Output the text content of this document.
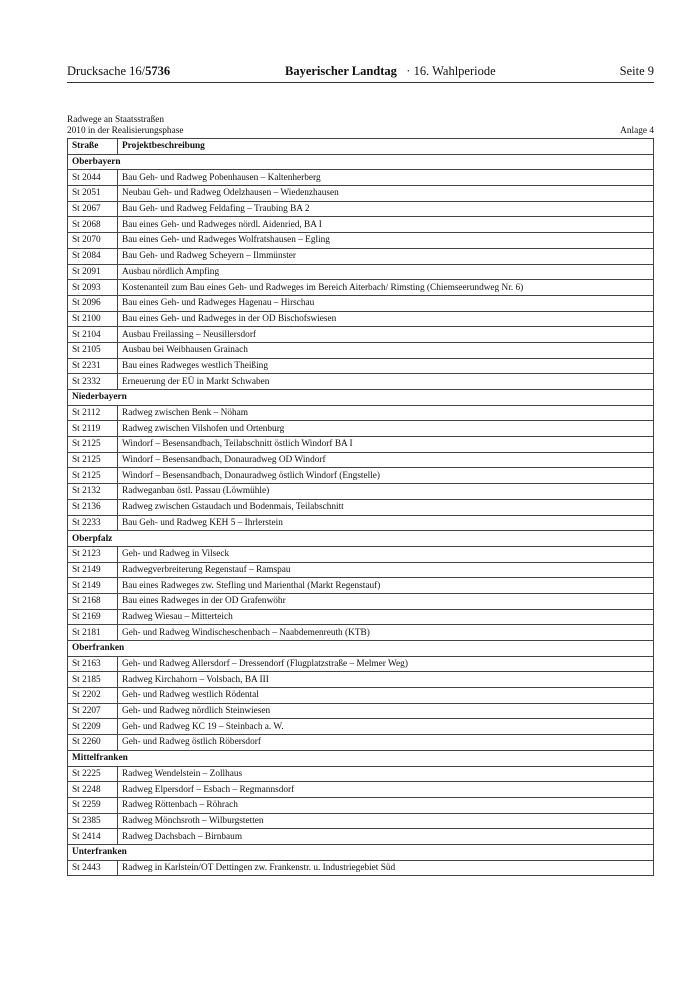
Drucksache 16/5736	Bayerischer Landtag · 16. Wahlperiode	Seite 9
Radwege an Staatsstraßen
2010 in der Realisierungsphase	Anlage 4
Straße	Projektbeschreibung
Oberbayern	
St 2044	Bau Geh- und Radweg Pobenhausen – Kaltenherberg
St 2051	Neubau Geh- und Radweg Odelzhausen – Wiedenzhausen
St 2067	Bau Geh- und Radweg Feldafing – Traubing BA 2
St 2068	Bau eines Geh- und Radweges nördl. Aidenried, BA I
St 2070	Bau eines Geh- und Radweges Wolfratshausen – Egling
St 2084	Bau Geh- und Radweg Scheyern – Ilmmünster
St 2091	Ausbau nördlich Ampfing
St 2093	Kostenanteil zum Bau eines Geh- und Radweges im Bereich Aiterbach/ Rimsting (Chiemseerundweg Nr. 6)
St 2096	Bau eines Geh- und Radweges Hagenau – Hirschau
St 2100	Bau eines Geh- und Radweges in der OD Bischofswiesen
St 2104	Ausbau Freilassing – Neusillersdorf
St 2105	Ausbau bei Weibhausen Grainach
St 2231	Bau eines Radweges westlich Theißing
St 2332	Erneuerung der EÜ in Markt Schwaben
Niederbayern	
St 2112	Radweg zwischen Benk – Nöham
St 2119	Radweg zwischen Vilshofen und Ortenburg
St 2125	Windorf – Besensandbach, Teilabschnitt östlich Windorf BA I
St 2125	Windorf – Besensandbach, Donauradweg OD Windorf
St 2125	Windorf – Besensandbach, Donauradweg östlich Windorf (Engstelle)
St 2132	Radweganbau östl. Passau (Löwmühle)
St 2136	Radweg zwischen Gstaudach und Bodenmais, Teilabschnitt
St 2233	Bau Geh- und Radweg KEH 5 – Ihrlerstein
Oberpfalz	
St 2123	Geh- und Radweg in Vilseck
St 2149	Radwegverbreiterung Regenstauf – Ramspau
St 2149	Bau eines Radweges zw. Stefling und Marienthal (Markt Regenstauf)
St 2168	Bau eines Radweges in der OD Grafenwöhr
St 2169	Radweg Wiesau – Mitterteich
St 2181	Geh- und Radweg Windischeschenbach – Naabdemenreuth (KTB)
Oberfranken	
St 2163	Geh- und Radweg Allersdorf – Dressendorf (Flugplatzstraße – Melmer Weg)
St 2185	Radweg Kirchahorn – Volsbach, BA III
St 2202	Geh- und Radweg westlich Rödental
St 2207	Geh- und Radweg nördlich Steinwiesen
St 2209	Geh- und Radweg KC 19 – Steinbach a. W.
St 2260	Geh- und Radweg östlich Röbersdorf
Mittelfranken	
St 2225	Radweg Wendelstein – Zollhaus
St 2248	Radweg Elpersdorf – Esbach – Regmannsdorf
St 2259	Radweg Röttenbach – Röhrach
St 2385	Radweg Mönchsroth – Wilburgstetten
St 2414	Radweg Dachsbach – Birnbaum
Unterfranken	
St 2443	Radweg in Karlstein/OT Dettingen zw. Frankenstr. u. Industriegebiet Süd
